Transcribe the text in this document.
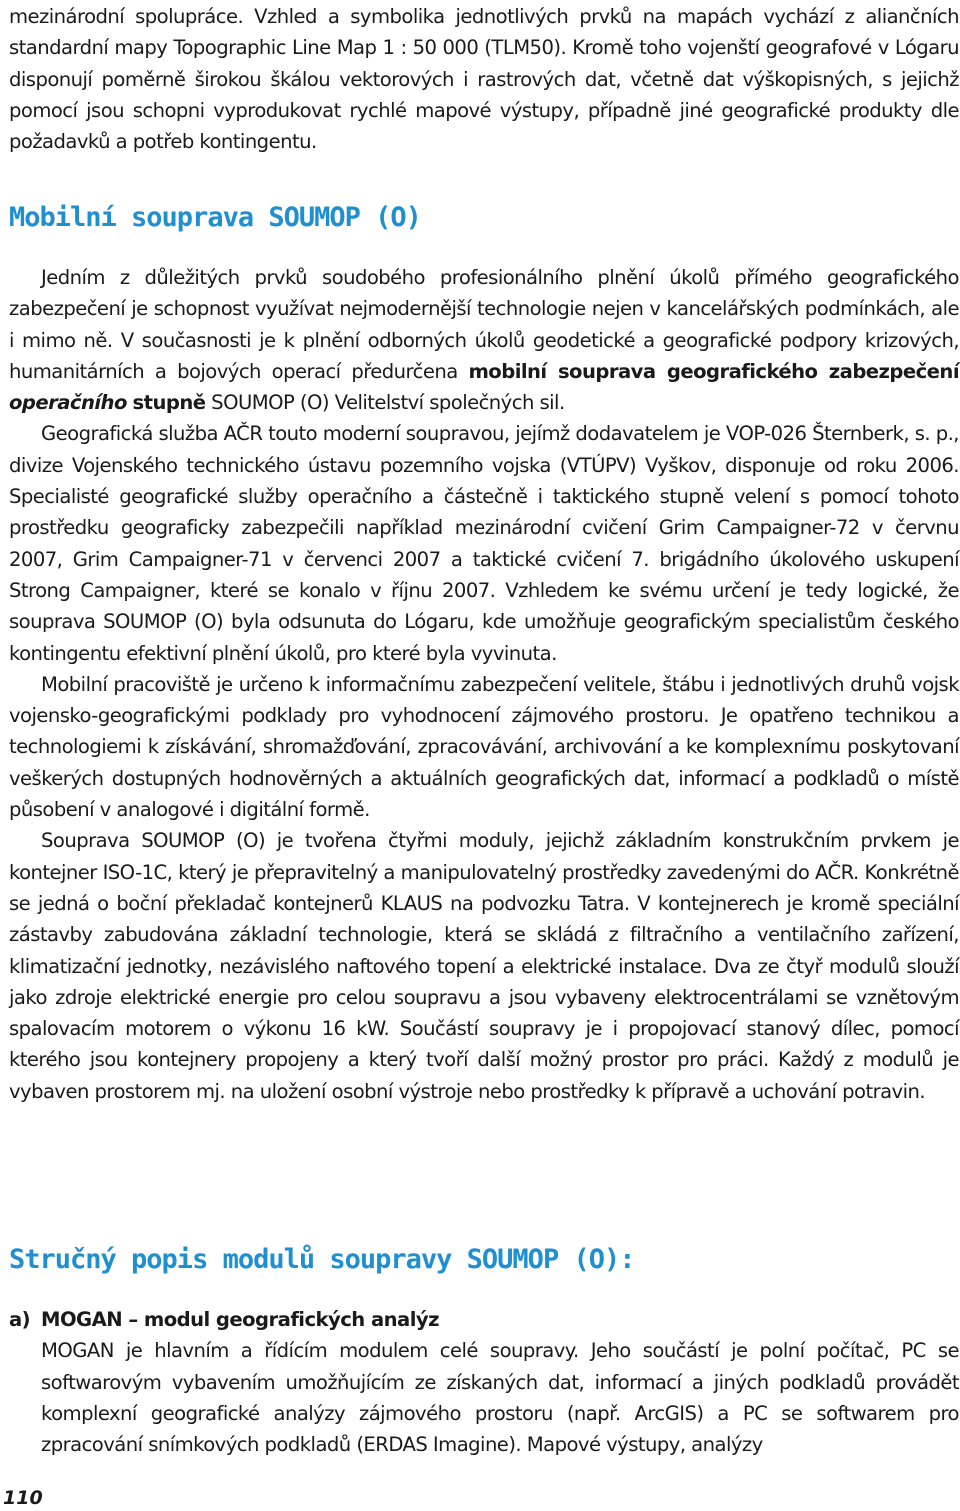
mezinárodní spolupráce. Vzhled a symbolika jednotlivých prvků na mapách vychází z aliančních standardní mapy Topographic Line Map 1 : 50 000 (TLM50). Kromě toho vojenští geografové v Lógaru disponují poměrně širokou škálou vektorových i rastrových dat, včetně dat výškopisných, s jejichž pomocí jsou schopni vyprodukovat rychlé mapové výstupy, případně jiné geografické produkty dle požadavků a potřeb kontingentu.

Mobilní souprava SOUMOP (O)

Jedním z důležitých prvků soudobého profesionálního plnění úkolů přímého geografického zabezpečení je schopnost využívat nejmodernější technologie nejen v kancelářských podmínkách, ale i mimo ně. V současnosti je k plnění odborných úkolů geodetické a geografické podpory krizových, humanitárních a bojových operací předurčena mobilní souprava geografického zabezpečení operačního stupně SOUMOP (O) Velitelství společných sil.

Geografická služba AČR touto moderní soupravou, jejímž dodavatelem je VOP-026 Šternberk, s. p., divize Vojenského technického ústavu pozemního vojska (VTÚPV) Vyškov, disponuje od roku 2006. Specialisté geografické služby operačního a částečně i taktického stupně velení s pomocí tohoto prostředku geograficky zabezpečili například mezinárodní cvičení Grim Campaigner-72 v červnu 2007, Grim Campaigner-71 v červenci 2007 a taktické cvičení 7. brigádního úkolového uskupení Strong Campaigner, které se konalo v říjnu 2007. Vzhledem ke svému určení je tedy logické, že souprava SOUMOP (O) byla odsunuta do Lógaru, kde umožňuje geografickým specialistům českého kontingentu efektivní plnění úkolů, pro které byla vyvinuta.

Mobilní pracoviště je určeno k informačnímu zabezpečení velitele, štábu i jednotlivých druhů vojsk vojensko-geografickými podklady pro vyhodnocení zájmového prostoru. Je opatřeno technikou a technologiemi k získávání, shromažďování, zpracovávání, archivování a ke komplexnímu poskytovaní veškerých dostupných hodnověrných a aktuálních geografických dat, informací a podkladů o místě působení v analogové i digitální formě.

Souprava SOUMOP (O) je tvořena čtyřmi moduly, jejichž základním konstrukčním prvkem je kontejner ISO-1C, který je přepravitelný a manipulovatelný prostředky zavedenými do AČR. Konkrétně se jedná o boční překladač kontejnerů KLAUS na podvozku Tatra. V kontejnerech je kromě speciální zástavby zabudována základní technologie, která se skládá z filtračního a ventilačního zařízení, klimatizační jednotky, nezávislého naftového topení a elektrické instalace. Dva ze čtyř modulů slouží jako zdroje elektrické energie pro celou soupravu a jsou vybaveny elektrocentrálami se vznětovým spalovacím motorem o výkonu 16 kW. Součástí soupravy je i propojovací stanový dílec, pomocí kterého jsou kontejnery propojeny a který tvoří další možný prostor pro práci. Každý z modulů je vybaven prostorem mj. na uložení osobní výstroje nebo prostředky k přípravě a uchování potravin.

Stručný popis modulů soupravy SOUMOP (O):
a) MOGAN – modul geografických analýz

MOGAN je hlavním a řídícím modulem celé soupravy. Jeho součástí je polní počítač, PC se softwarovým vybavením umožňujícím ze získaných dat, informací a jiných podkladů provádět komplexní geografické analýzy zájmového prostoru (např. ArcGIS) a PC se softwarem pro zpracování snímkových podkladů (ERDAS Imagine). Mapové výstupy, analýzy

110
